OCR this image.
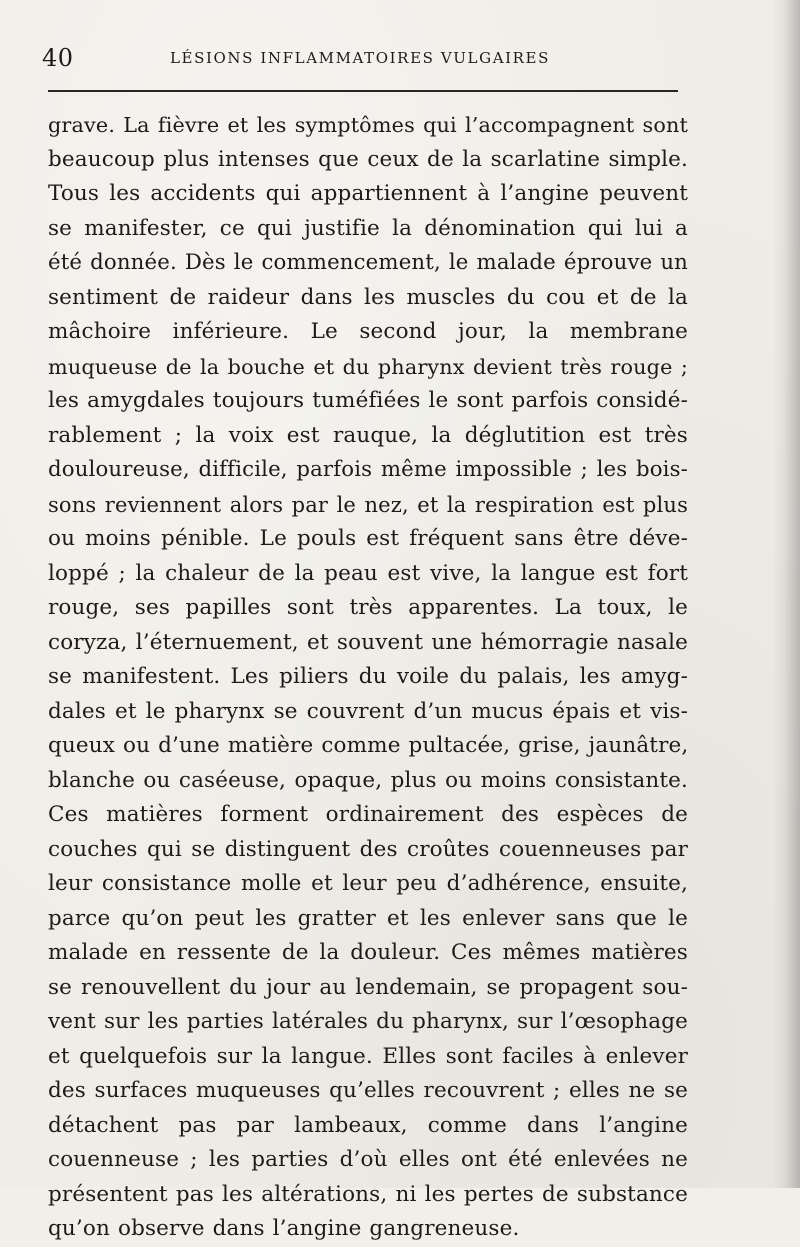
40	LÉSIONS INFLAMMATOIRES VULGAIRES
grave. La fièvre et les symptômes qui l’accompagnent sont
beaucoup plus intenses que ceux de la scarlatine simple.
Tous les accidents qui appartiennent à l’angine peuvent
se manifester, ce qui justifie la dénomination qui lui a
été donnée. Dès le commencement, le malade éprouve un
sentiment de raideur dans les muscles du cou et de la
mâchoire inférieure. Le second jour, la membrane
muqueuse de la bouche et du pharynx devient très rouge ;
les amygdales toujours tuméfiées le sont parfois considé-
rablement ; la voix est rauque, la déglutition est très
douloureuse, difficile, parfois même impossible ; les bois-
sons reviennent alors par le nez, et la respiration est plus
ou moins pénible. Le pouls est fréquent sans être déve-
loppé ; la chaleur de la peau est vive, la langue est fort
rouge, ses papilles sont très apparentes. La toux, le
coryza, l’éternuement, et souvent une hémorragie nasale
se manifestent. Les piliers du voile du palais, les amyg-
dales et le pharynx se couvrent d’un mucus épais et vis-
queux ou d’une matière comme pultacée, grise, jaunâtre,
blanche ou caséeuse, opaque, plus ou moins consistante.
Ces matières forment ordinairement des espèces de
couches qui se distinguent des croûtes couenneuses par
leur consistance molle et leur peu d’adhérence, ensuite,
parce qu’on peut les gratter et les enlever sans que le
malade en ressente de la douleur. Ces mêmes matières
se renouvellent du jour au lendemain, se propagent sou-
vent sur les parties latérales du pharynx, sur l’œsophage
et quelquefois sur la langue. Elles sont faciles à enlever
des surfaces muqueuses qu’elles recouvrent ; elles ne se
détachent pas par lambeaux, comme dans l’angine
couenneuse ; les parties d’où elles ont été enlevées ne
présentent pas les altérations, ni les pertes de substance
qu’on observe dans l’angine gangreneuse.
